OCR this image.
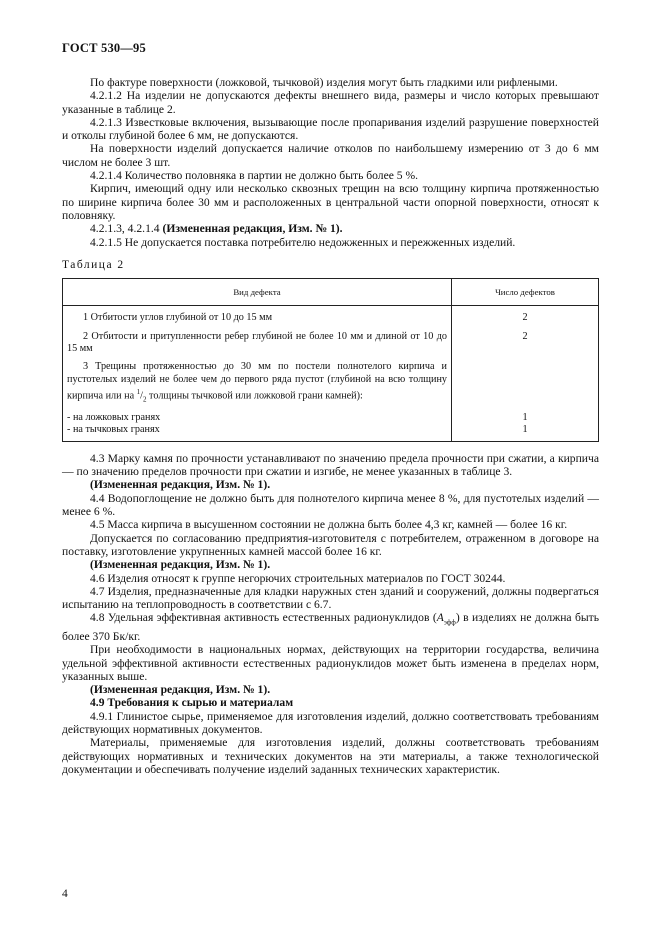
ГОСТ 530—95

По фактуре поверхности (ложковой, тычковой) изделия могут быть гладкими или рифлеными.

4.2.1.2 На изделии не допускаются дефекты внешнего вида, размеры и число которых превышают указанные в таблице 2.

4.2.1.3 Известковые включения, вызывающие после пропаривания изделий разрушение поверхностей и отколы глубиной более 6 мм, не допускаются.

На поверхности изделий допускается наличие отколов по наибольшему измерению от 3 до 6 мм числом не более 3 шт.

4.2.1.4 Количество половняка в партии не должно быть более 5 %.

Кирпич, имеющий одну или несколько сквозных трещин на всю толщину кирпича протяженностью по ширине кирпича более 30 мм и расположенных в центральной части опорной поверхности, относят к половняку.

4.2.1.3, 4.2.1.4 (Измененная редакция, Изм. № 1).

4.2.1.5 Не допускается поставка потребителю недожженных и пережженных изделий.

Таблица 2

Вид дефекта	Число дефектов

1 Отбитости углов глубиной от 10 до 15 мм	2

2 Отбитости и притупленности ребер глубиной не более 10 мм и длиной от 10 до 15 мм	2

3 Трещины протяженностью до 30 мм по постели полнотелого кирпича и пустотелых изделий не более чем до первого ряда пустот (глубиной на всю толщину кирпича или на $^1/_2$ толщины тычковой или ложковой грани камней):	

- на ложковых гранях	1
- на тычковых гранях	1

4.3 Марку камня по прочности устанавливают по значению предела прочности при сжатии, а кирпича — по значению пределов прочности при сжатии и изгибе, не менее указанных в таблице 3.

(Измененная редакция, Изм. № 1).

4.4 Водопоглощение не должно быть для полнотелого кирпича менее 8 %, для пустотелых изделий — менее 6 %.

4.5 Масса кирпича в высушенном состоянии не должна быть более 4,3 кг, камней — более 16 кг.

Допускается по согласованию предприятия-изготовителя с потребителем, отраженном в договоре на поставку, изготовление укрупненных камней массой более 16 кг.

(Измененная редакция, Изм. № 1).

4.6 Изделия относят к группе негорючих строительных материалов по ГОСТ 30244.

4.7 Изделия, предназначенные для кладки наружных стен зданий и сооружений, должны подвергаться испытанию на теплопроводность в соответствии с 6.7.

4.8 Удельная эффективная активность естественных радионуклидов $(A_{эфф})$ в изделиях не должна быть более 370 Бк/кг.

При необходимости в национальных нормах, действующих на территории государства, величина удельной эффективной активности естественных радионуклидов может быть изменена в пределах норм, указанных выше.

(Измененная редакция, Изм. № 1).

4.9 Требования к сырью и материалам

4.9.1 Глинистое сырье, применяемое для изготовления изделий, должно соответствовать требованиям действующих нормативных документов.

Материалы, применяемые для изготовления изделий, должны соответствовать требованиям действующих нормативных и технических документов на эти материалы, а также технологической документации и обеспечивать получение изделий заданных технических характеристик.

4
